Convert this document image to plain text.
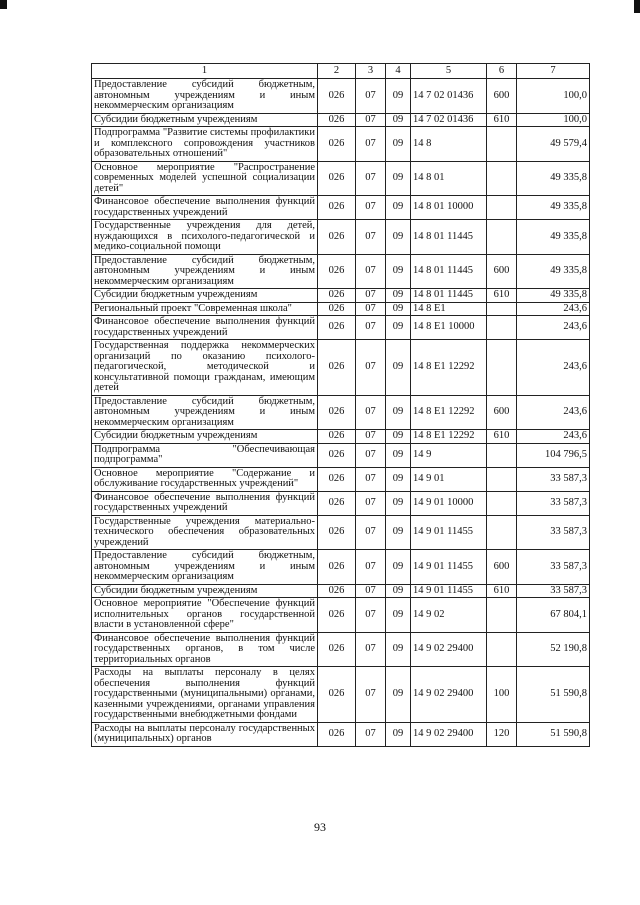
1	2	3	4	5	6	7
Предоставление субсидий бюджетным, автономным учреждениям и иным некоммерческим организациям	026	07	09	14 7 02 01436	600	100,0
Субсидии бюджетным учреждениям	026	07	09	14 7 02 01436	610	100,0
Подпрограмма "Развитие системы профилактики и комплексного сопровождения участников образовательных отношений"	026	07	09	14 8		49 579,4
Основное мероприятие "Распространение современных моделей успешной социализации детей"	026	07	09	14 8 01		49 335,8
Финансовое обеспечение выполнения функций государственных учреждений	026	07	09	14 8 01 10000		49 335,8
Государственные учреждения для детей, нуждающихся в психолого-педагогической и медико-социальной помощи	026	07	09	14 8 01 11445		49 335,8
Предоставление субсидий бюджетным, автономным учреждениям и иным некоммерческим организациям	026	07	09	14 8 01 11445	600	49 335,8
Субсидии бюджетным учреждениям	026	07	09	14 8 01 11445	610	49 335,8
Региональный проект "Современная школа"	026	07	09	14 8 E1		243,6
Финансовое обеспечение выполнения функций государственных учреждений	026	07	09	14 8 E1 10000		243,6
Государственная поддержка некоммерческих организаций по оказанию психолого-педагогической, методической и консультативной помощи гражданам, имеющим детей	026	07	09	14 8 E1 12292		243,6
Предоставление субсидий бюджетным, автономным учреждениям и иным некоммерческим организациям	026	07	09	14 8 E1 12292	600	243,6
Субсидии бюджетным учреждениям	026	07	09	14 8 E1 12292	610	243,6
Подпрограмма "Обеспечивающая подпрограмма"	026	07	09	14 9		104 796,5
Основное мероприятие "Содержание и обслуживание государственных учреждений"	026	07	09	14 9 01		33 587,3
Финансовое обеспечение выполнения функций государственных учреждений	026	07	09	14 9 01 10000		33 587,3
Государственные учреждения материально-технического обеспечения образовательных учреждений	026	07	09	14 9 01 11455		33 587,3
Предоставление субсидий бюджетным, автономным учреждениям и иным некоммерческим организациям	026	07	09	14 9 01 11455	600	33 587,3
Субсидии бюджетным учреждениям	026	07	09	14 9 01 11455	610	33 587,3
Основное мероприятие "Обеспечение функций исполнительных органов государственной власти в установленной сфере"	026	07	09	14 9 02		67 804,1
Финансовое обеспечение выполнения функций государственных органов, в том числе территориальных органов	026	07	09	14 9 02 29400		52 190,8
Расходы на выплаты персоналу в целях обеспечения выполнения функций государственными (муниципальными) органами, казенными учреждениями, органами управления государственными внебюджетными фондами	026	07	09	14 9 02 29400	100	51 590,8
Расходы на выплаты персоналу государственных (муниципальных) органов	026	07	09	14 9 02 29400	120	51 590,8
93
